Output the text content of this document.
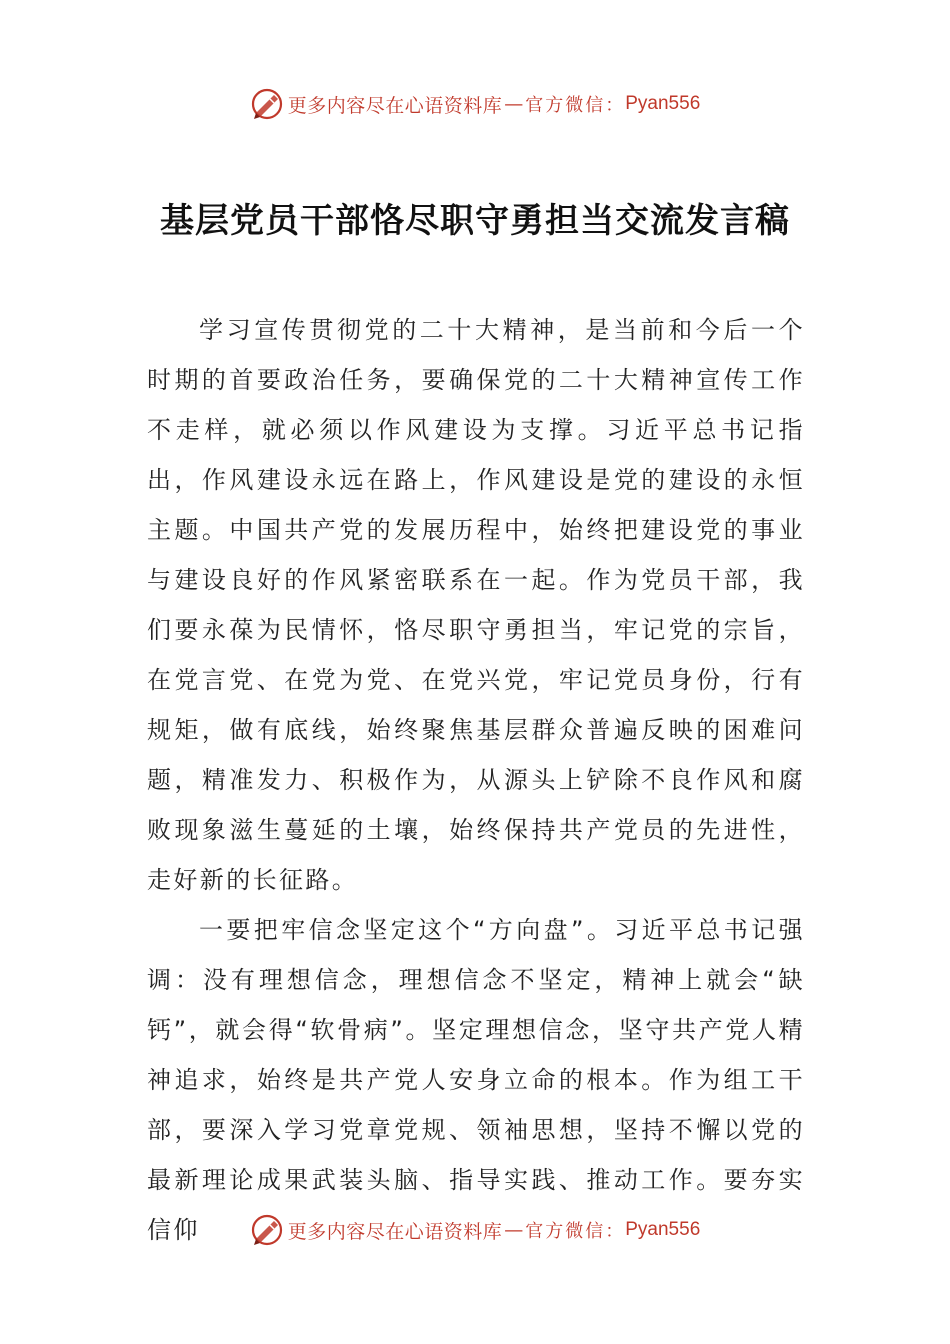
更多内容尽在心语资料库 — 官方微信： Pyan556
基层党员干部恪尽职守勇担当交流发言稿

学习宣传贯彻党的二十大精神，是当前和今后一个时期的首要政治任务，要确保党的二十大精神宣传工作不走样，就必须以作风建设为支撑。习近平总书记指出，作风建设永远在路上，作风建设是党的建设的永恒主题。中国共产党的发展历程中，始终把建设党的事业与建设良好的作风紧密联系在一起。作为党员干部，我们要永葆为民情怀，恪尽职守勇担当，牢记党的宗旨，在党言党、在党为党、在党兴党，牢记党员身份，行有规矩，做有底线，始终聚焦基层群众普遍反映的困难问题，精准发力、积极作为，从源头上铲除不良作风和腐败现象滋生蔓延的土壤，始终保持共产党员的先进性，走好新的长征路。

一要把牢信念坚定这个“方向盘”。习近平总书记强调：没有理想信念，理想信念不坚定，精神上就会“缺钙”，就会得“软骨病”。坚定理想信念，坚守共产党人精神追求，始终是共产党人安身立命的根本。作为组工干部，要深入学习党章党规、领袖思想，坚持不懈以党的最新理论成果武装头脑、指导实践、推动工作。要夯实信仰	更多内容尽在心语资料库 — 官方微信： Pyan556
